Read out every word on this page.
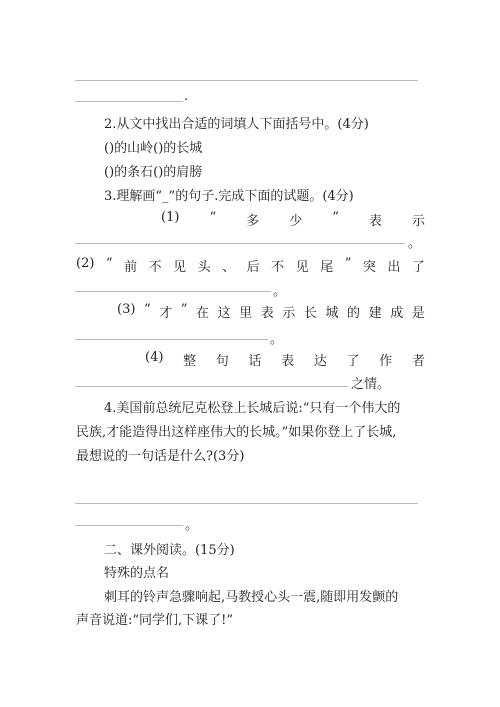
.
2.从文中找出合适的词填人下面括号中。(4分)
()的山岭()的长城
()的条石()的肩膀
3.理解画“_”的句子.完成下面的试题。(4分)
(1) “ 多 少 ” 表 示
。
(2) “ 前 不 见 头 、 后 不 见 尾 ” 突 出 了
。
(3) “ 才 ” 在 这 里 表 示 长 城 的 建 成 是
。
(4) 整 句 话 表 达 了 作 者
之情。
4.美国前总统尼克松登上长城后说:“只有一个伟大的
民族,才能造得出这样座伟大的长城。”如果你登上了长城,
最想说的一句话是什么?(3分)
。
二、课外阅读。(15分)
特殊的点名
刺耳的铃声急骤响起,马教授心头一震,随即用发颤的
声音说道:“同学们,下课了!”
